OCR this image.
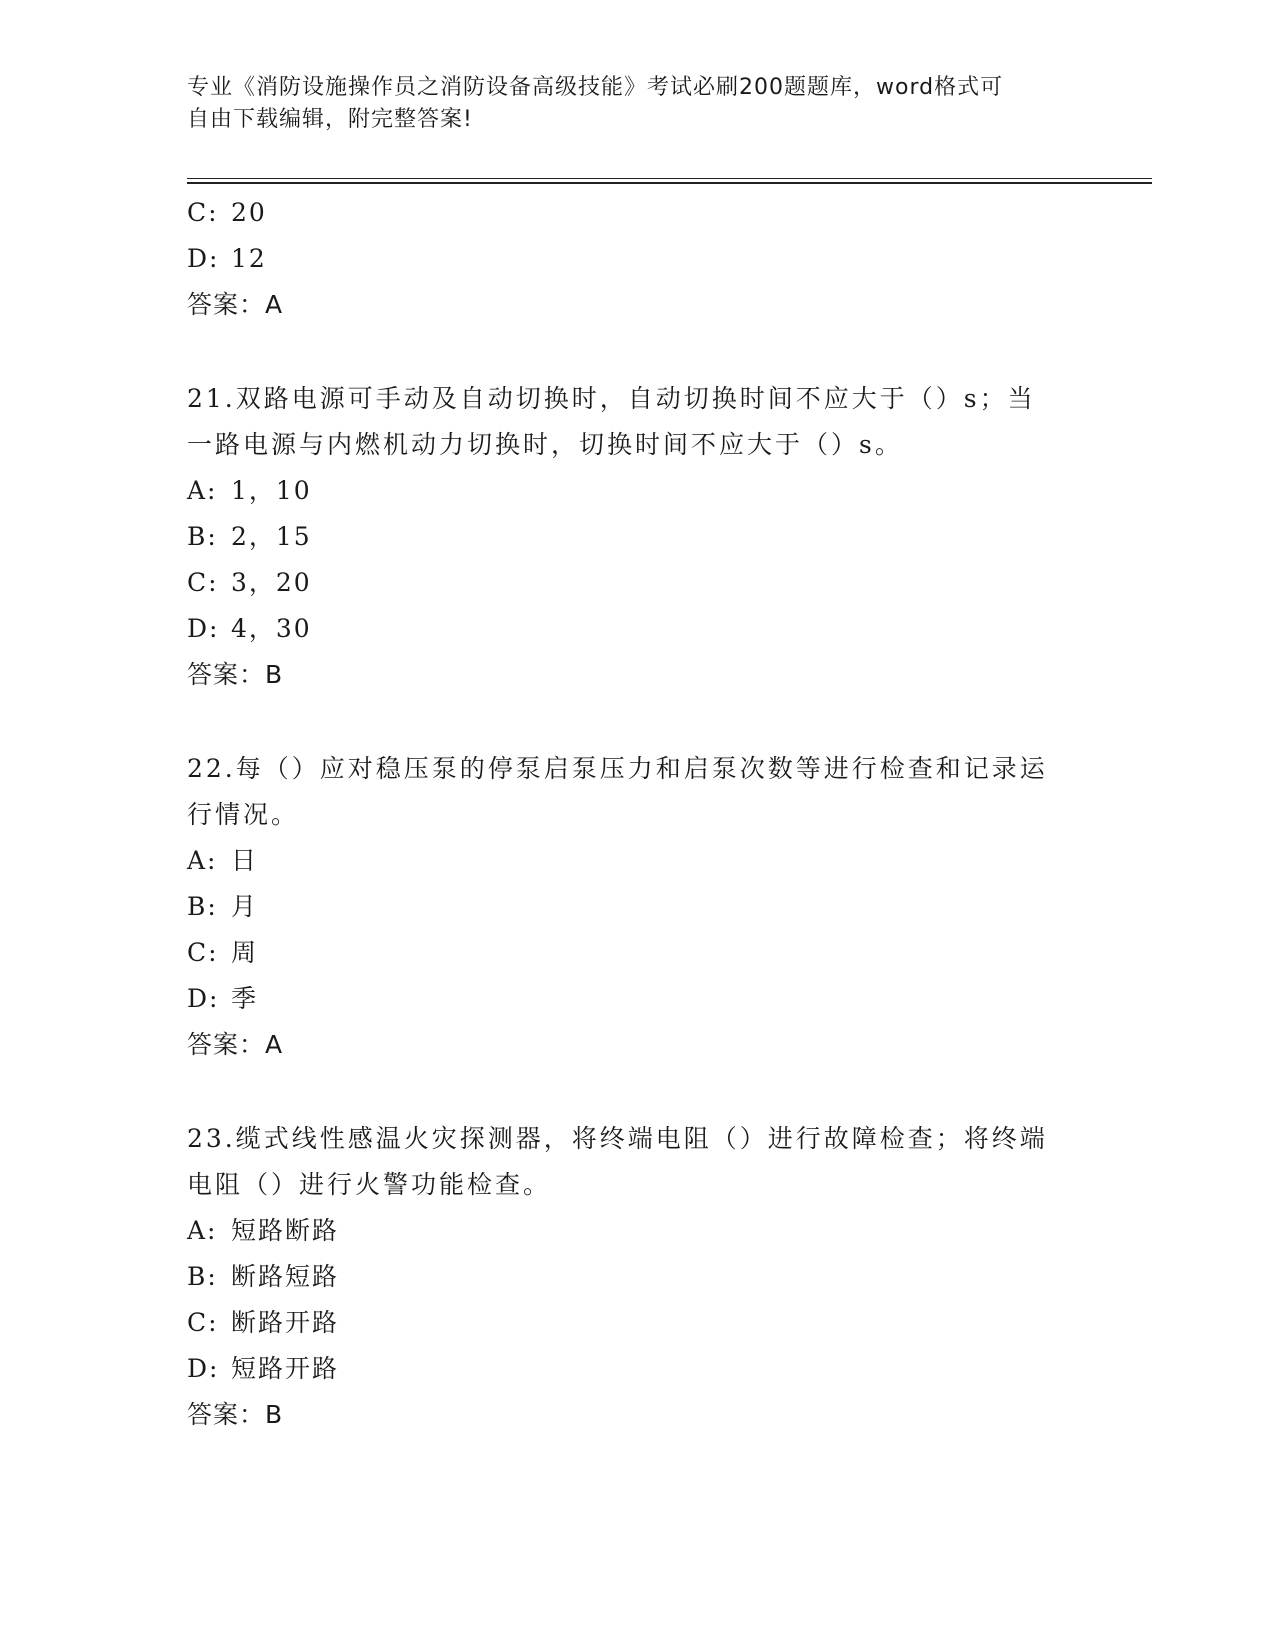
专业《消防设施操作员之消防设备高级技能》考试必刷200题题库，word格式可
自由下载编辑，附完整答案!
C: 20
D: 12
答案：A
21.双路电源可手动及自动切换时，自动切换时间不应大于（）s；当
一路电源与内燃机动力切换时，切换时间不应大于（）s。
A: 1，10
B: 2，15
C: 3，20
D: 4，30
答案：B
22.每（）应对稳压泵的停泵启泵压力和启泵次数等进行检查和记录运
行情况。
A: 日
B: 月
C: 周
D: 季
答案：A
23.缆式线性感温火灾探测器，将终端电阻（）进行故障检查；将终端
电阻（）进行火警功能检查。
A: 短路断路
B: 断路短路
C: 断路开路
D: 短路开路
答案：B
